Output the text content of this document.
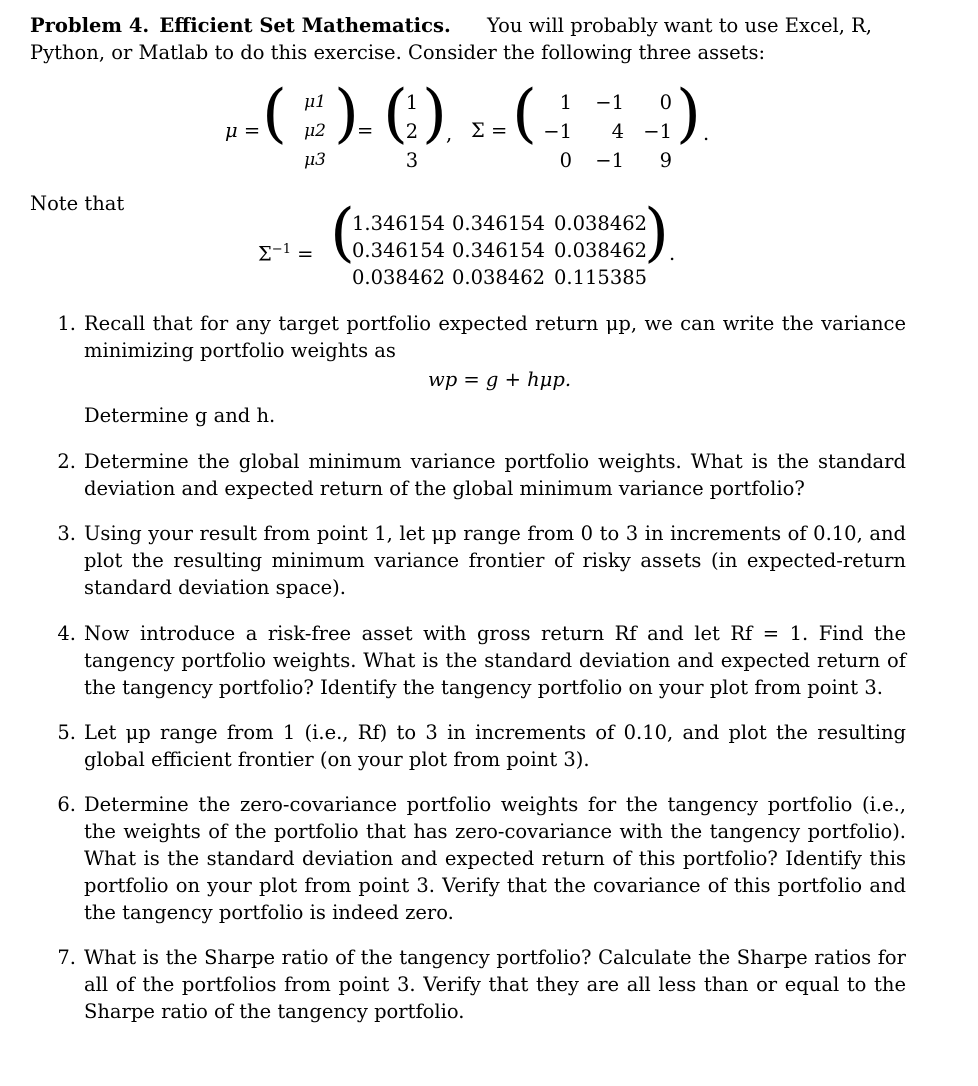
Problem 4. Efficient Set Mathematics. You will probably want to use Excel, R,

Python, or Matlab to do this exercise. Consider the following three assets:

μ = (	μ1
μ2
μ3
)
= (
1
2
3
) , Σ = (	1	−1	0
−1	4 −1
0	−1	9
) .
Note that
$\Sigma^{-1}$ = (
1.346154 0.346154 0.038462
0.346154 0.346154 0.038462
0.038462 0.038462 0.115385
) .
1. Recall that for any target portfolio expected return μp, we can write the variance minimizing portfolio weights as
wp = g + hμp.
Determine g and h.
2. Determine the global minimum variance portfolio weights. What is the standard deviation and expected return of the global minimum variance portfolio?
3. Using your result from point 1, let μp range from 0 to 3 in increments of 0.10, and plot the resulting minimum variance frontier of risky assets (in expected-return standard deviation space).
4. Now introduce a risk-free asset with gross return Rf and let Rf = 1. Find the tangency portfolio weights. What is the standard deviation and expected return of the tangency portfolio? Identify the tangency portfolio on your plot from point 3.
5. Let μp range from 1 (i.e., Rf) to 3 in increments of 0.10, and plot the resulting global efficient frontier (on your plot from point 3).
6. Determine the zero-covariance portfolio weights for the tangency portfolio (i.e., the weights of the portfolio that has zero-covariance with the tangency portfolio). What is the standard deviation and expected return of this portfolio? Identify this portfolio on your plot from point 3. Verify that the covariance of this portfolio and the tangency portfolio is indeed zero.
7. What is the Sharpe ratio of the tangency portfolio? Calculate the Sharpe ratios for all of the portfolios from point 3. Verify that they are all less than or equal to the Sharpe ratio of the tangency portfolio.
